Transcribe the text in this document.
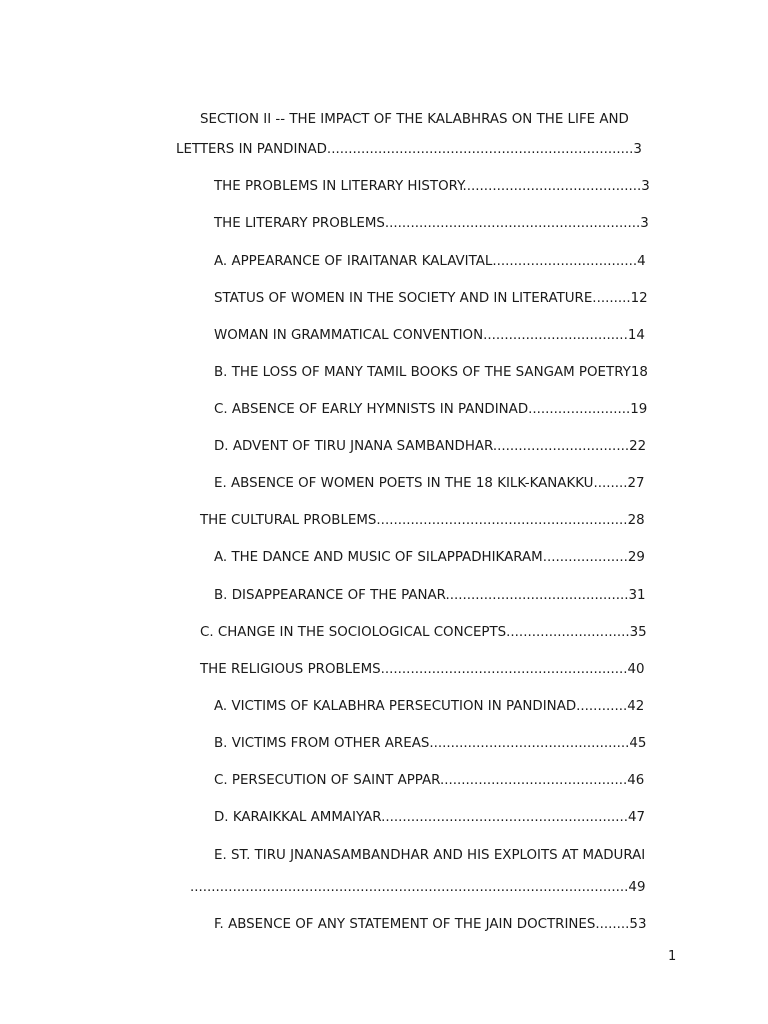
SECTION II -- THE IMPACT OF THE KALABHRAS ON THE LIFE AND
LETTERS IN PANDINAD........................................................................3
THE PROBLEMS IN LITERARY HISTORY..........................................3
THE LITERARY PROBLEMS............................................................3
A. APPEARANCE OF IRAITANAR KALAVITAL..................................4
STATUS OF WOMEN IN THE SOCIETY AND IN LITERATURE.........12
WOMAN IN GRAMMATICAL CONVENTION..................................14
B. THE LOSS OF MANY TAMIL BOOKS OF THE SANGAM POETRY18
C. ABSENCE OF EARLY HYMNISTS IN PANDINAD........................19
D. ADVENT OF TIRU JNANA SAMBANDHAR................................22
E. ABSENCE OF WOMEN POETS IN THE 18 KILK-KANAKKU........27
THE CULTURAL PROBLEMS...........................................................28
A. THE DANCE AND MUSIC OF SILAPPADHIKARAM....................29
B. DISAPPEARANCE OF THE PANAR...........................................31
C. CHANGE IN THE SOCIOLOGICAL CONCEPTS.............................35
THE RELIGIOUS PROBLEMS..........................................................40
A. VICTIMS OF KALABHRA PERSECUTION IN PANDINAD............42
B. VICTIMS FROM OTHER AREAS...............................................45
C. PERSECUTION OF SAINT APPAR............................................46
D. KARAIKKAL AMMAIYAR..........................................................47
E. ST. TIRU JNANASAMBANDHAR AND HIS EXPLOITS AT MADURAI
.......................................................................................................49
F. ABSENCE OF ANY STATEMENT OF THE JAIN DOCTRINES........53
1
